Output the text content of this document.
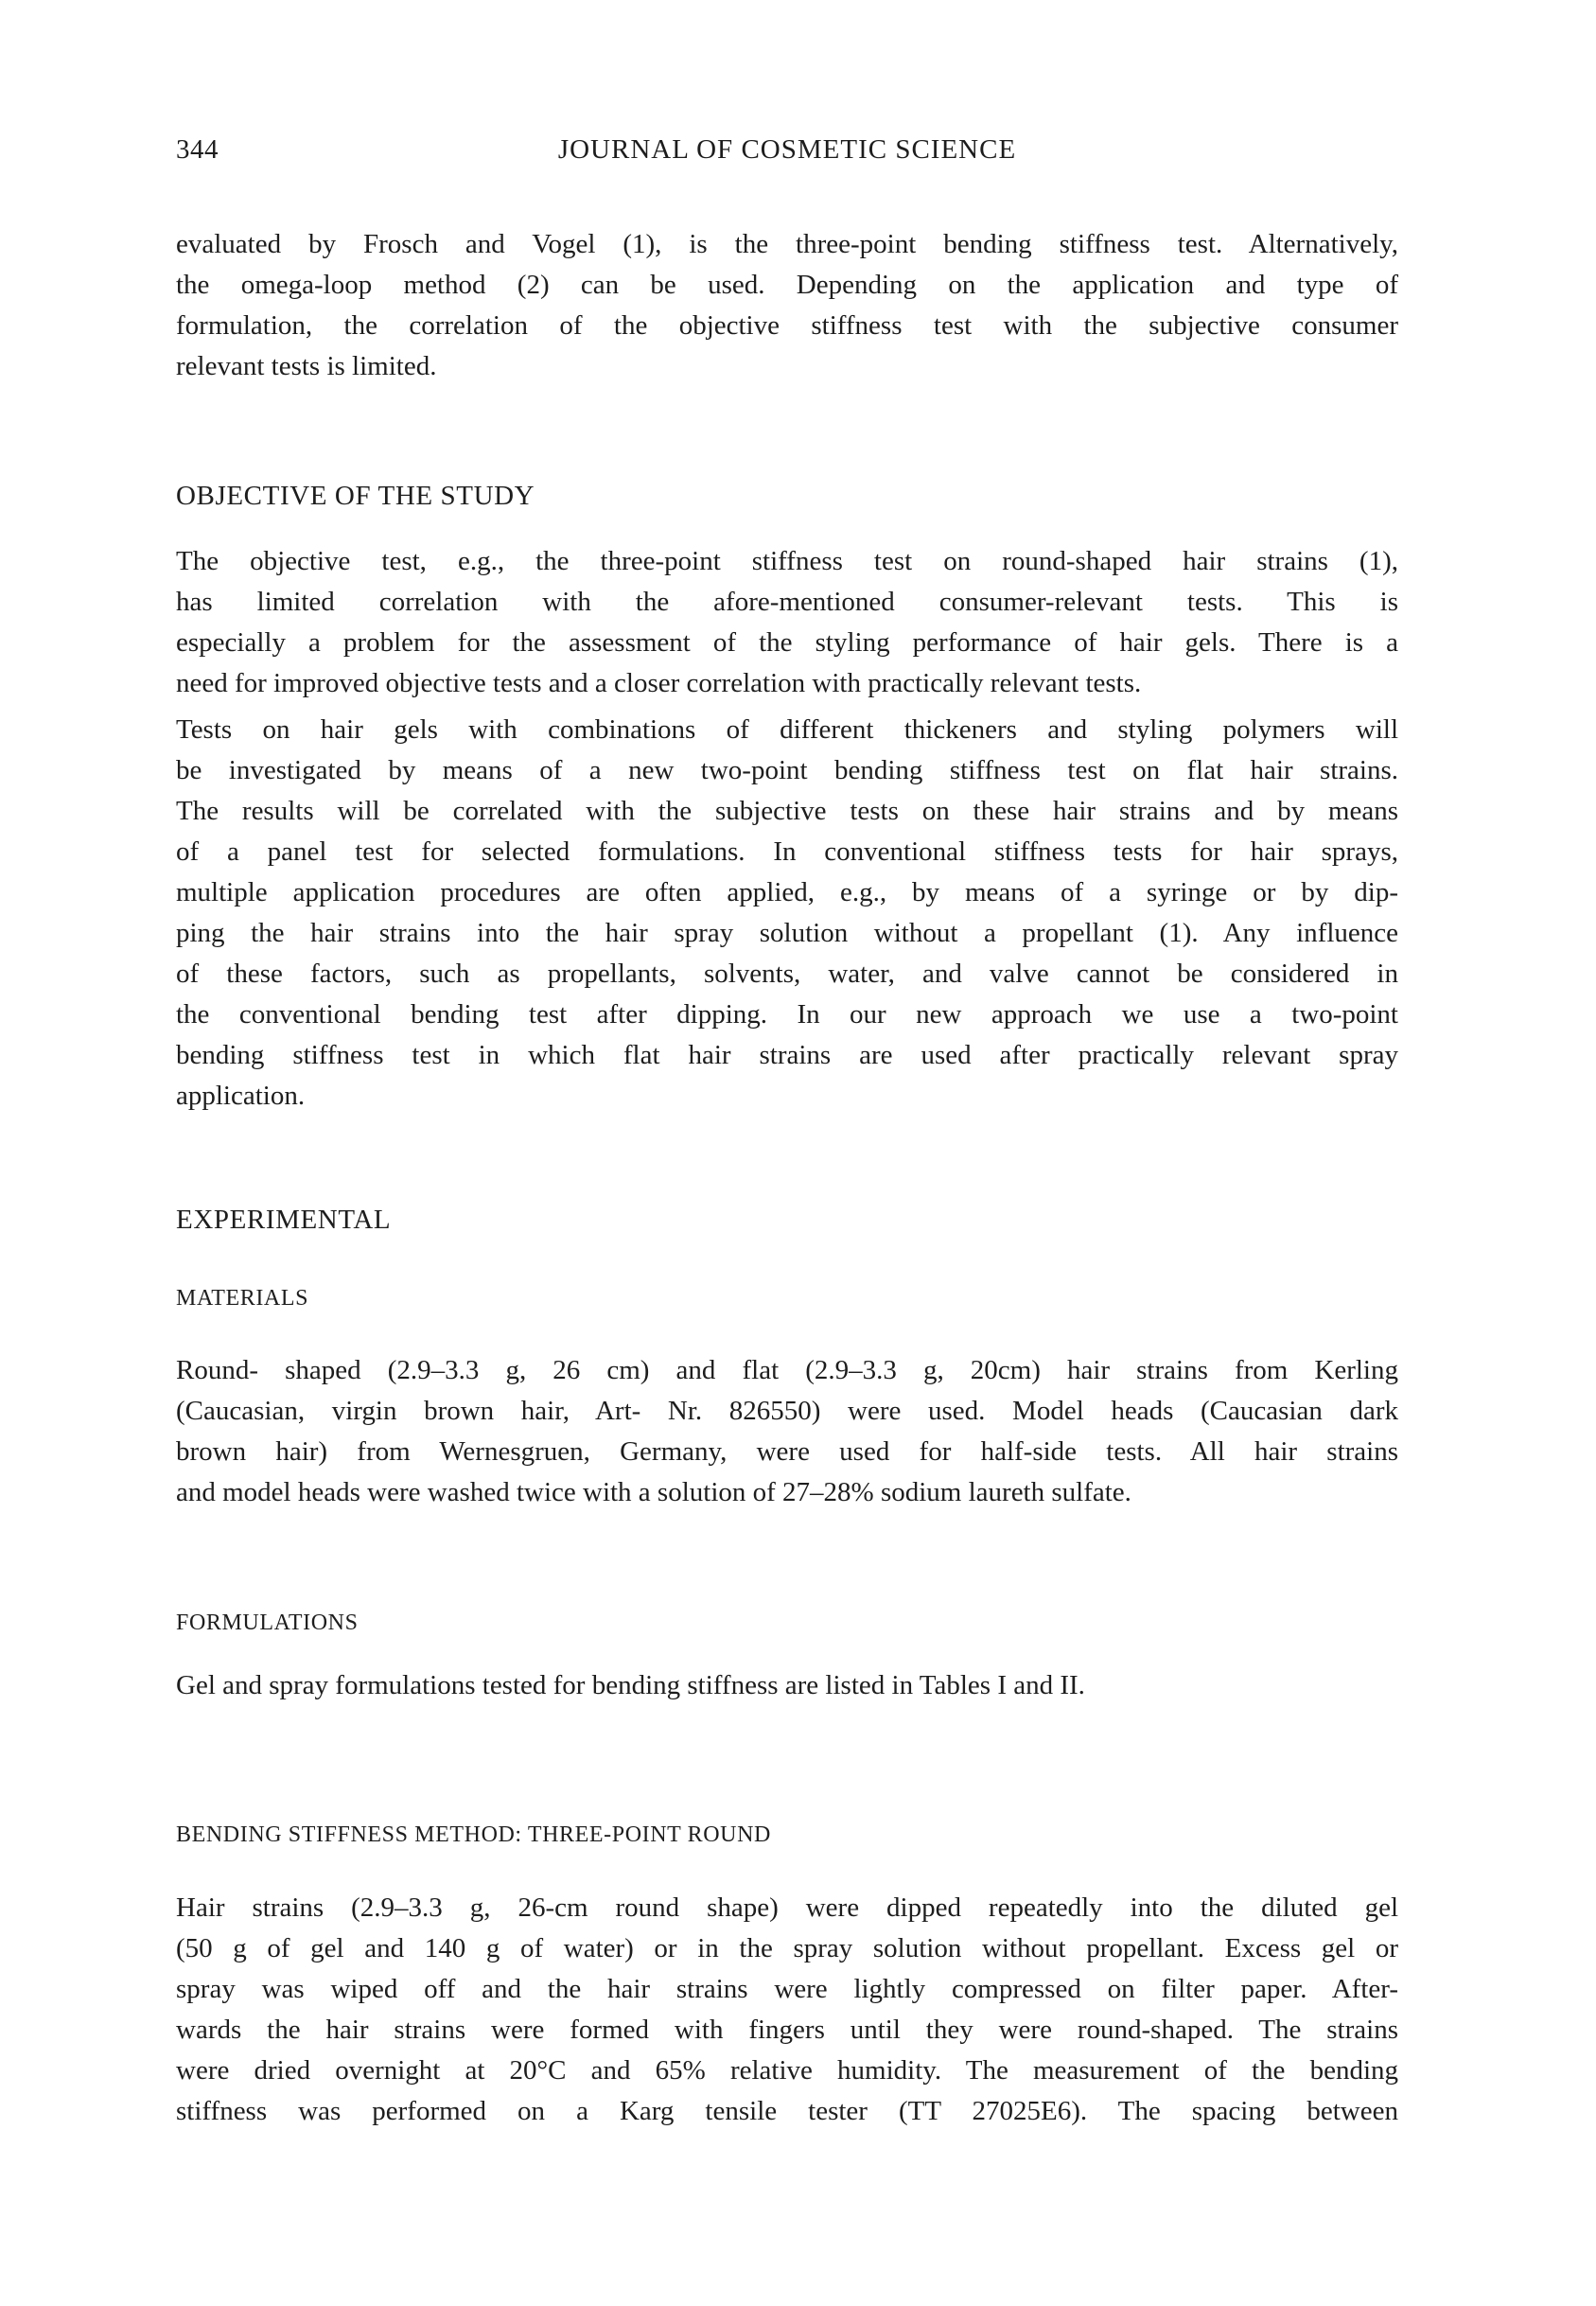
344	JOURNAL OF COSMETIC SCIENCE
evaluated by Frosch and Vogel (1), is the three-point bending stiffness test. Alternatively,
the omega-loop method (2) can be used. Depending on the application and type of
formulation, the correlation of the objective stiffness test with the subjective consumer
relevant tests is limited.
OBJECTIVE OF THE STUDY
The objective test, e.g., the three-point stiffness test on round-shaped hair strains (1),
has limited correlation with the afore-mentioned consumer-relevant tests. This is
especially a problem for the assessment of the styling performance of hair gels. There is a
need for improved objective tests and a closer correlation with practically relevant tests.
Tests on hair gels with combinations of different thickeners and styling polymers will
be investigated by means of a new two-point bending stiffness test on flat hair strains.
The results will be correlated with the subjective tests on these hair strains and by means
of a panel test for selected formulations. In conventional stiffness tests for hair sprays,
multiple application procedures are often applied, e.g., by means of a syringe or by dip-
ping the hair strains into the hair spray solution without a propellant (1). Any influence
of these factors, such as propellants, solvents, water, and valve cannot be considered in
the conventional bending test after dipping. In our new approach we use a two-point
bending stiffness test in which flat hair strains are used after practically relevant spray
application.
EXPERIMENTAL
MATERIALS
Round- shaped (2.9–3.3 g, 26 cm) and flat (2.9–3.3 g, 20cm) hair strains from Kerling
(Caucasian, virgin brown hair, Art- Nr. 826550) were used. Model heads (Caucasian dark
brown hair) from Wernesgruen, Germany, were used for half-side tests. All hair strains
and model heads were washed twice with a solution of 27–28% sodium laureth sulfate.
FORMULATIONS
Gel and spray formulations tested for bending stiffness are listed in Tables I and II.
BENDING STIFFNESS METHOD: THREE-POINT ROUND
Hair strains (2.9–3.3 g, 26-cm round shape) were dipped repeatedly into the diluted gel
(50 g of gel and 140 g of water) or in the spray solution without propellant. Excess gel or
spray was wiped off and the hair strains were lightly compressed on filter paper. After-
wards the hair strains were formed with fingers until they were round-shaped. The strains
were dried overnight at 20°C and 65% relative humidity. The measurement of the bending
stiffness was performed on a Karg tensile tester (TT 27025E6). The spacing between
